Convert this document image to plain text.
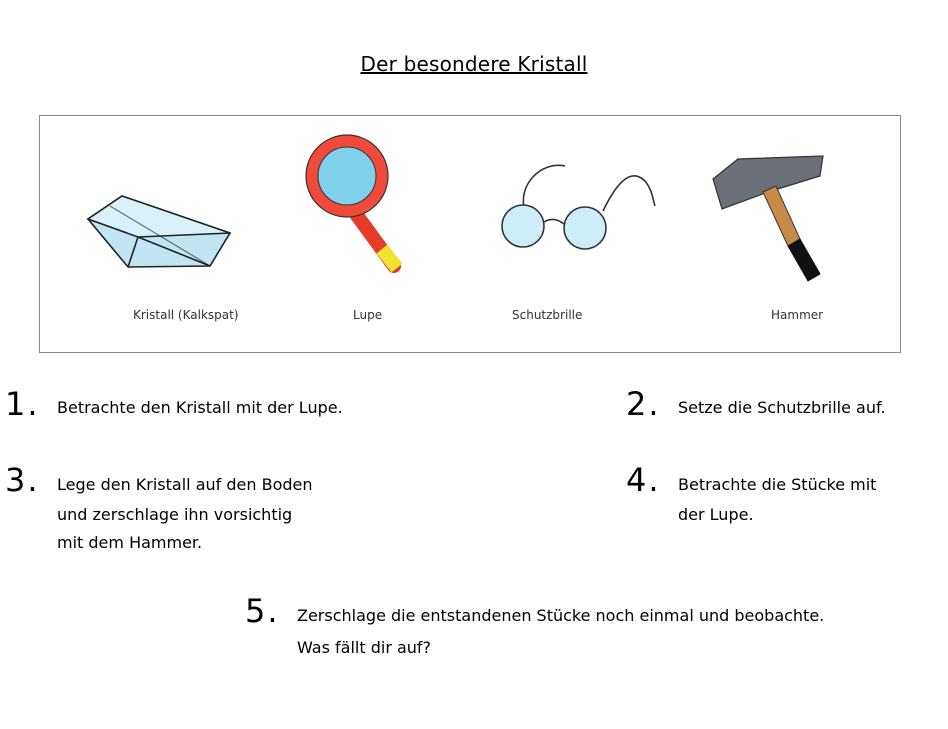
Der besondere Kristall
Kristall (Kalkspat)	Lupe	Schutzbrille	Hammer
1. Betrachte den Kristall mit der Lupe.	2. Setze die Schutzbrille auf.
3. Lege den Kristall auf den Boden
und zerschlage ihn vorsichtig
mit dem Hammer.
4. Betrachte die Stücke mit
der Lupe.
5. Zerschlage die entstandenen Stücke noch einmal und beobachte.
Was fällt dir auf?
